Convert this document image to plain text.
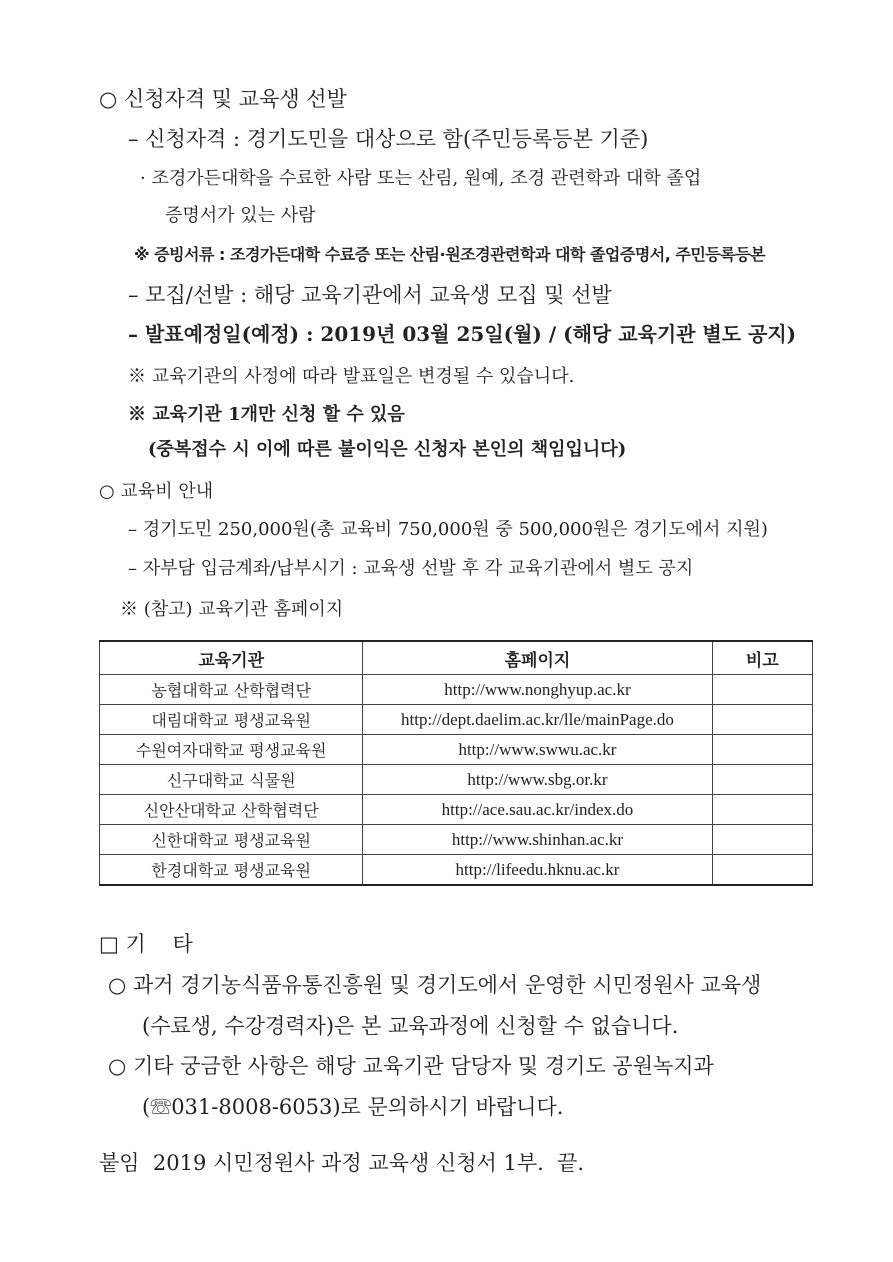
○ 신청자격 및 교육생 선발
– 신청자격 : 경기도민을 대상으로 함(주민등록등본 기준)
· 조경가든대학을 수료한 사람 또는 산림, 원예, 조경 관련학과 대학 졸업
증명서가 있는 사람
※ 증빙서류 : 조경가든대학 수료증 또는 산림·원조경관련학과 대학 졸업증명서, 주민등록등본
– 모집/선발 : 해당 교육기관에서 교육생 모집 및 선발
– 발표예정일(예정) : 2019년 03월 25일(월) / (해당 교육기관 별도 공지)
※ 교육기관의 사정에 따라 발표일은 변경될 수 있습니다.
※ 교육기관 1개만 신청 할 수 있음
(중복접수 시 이에 따른 불이익은 신청자 본인의 책임입니다)
○ 교육비 안내
– 경기도민 250,000원(총 교육비 750,000원 중 500,000원은 경기도에서 지원)
– 자부담 입금계좌/납부시기 : 교육생 선발 후 각 교육기관에서 별도 공지
※ (참고) 교육기관 홈페이지
교육기관	홈페이지	비고
농협대학교 산학협력단	http://www.nonghyup.ac.kr	
대림대학교 평생교육원	http://dept.daelim.ac.kr/lle/mainPage.do	
수원여자대학교 평생교육원	http://www.swwu.ac.kr	
신구대학교 식물원	http://www.sbg.or.kr	
신안산대학교 산학협력단	http://ace.sau.ac.kr/index.do	
신한대학교 평생교육원	http://www.shinhan.ac.kr	
한경대학교 평생교육원	http://lifeedu.hknu.ac.kr	
□ 기    타
○ 과거 경기농식품유통진흥원 및 경기도에서 운영한 시민정원사 교육생
(수료생, 수강경력자)은 본 교육과정에 신청할 수 없습니다.
○ 기타 궁금한 사항은 해당 교육기관 담당자 및 경기도 공원녹지과
(☏031-8008-6053)로 문의하시기 바랍니다.
붙임  2019 시민정원사 과정 교육생 신청서 1부.  끝.
